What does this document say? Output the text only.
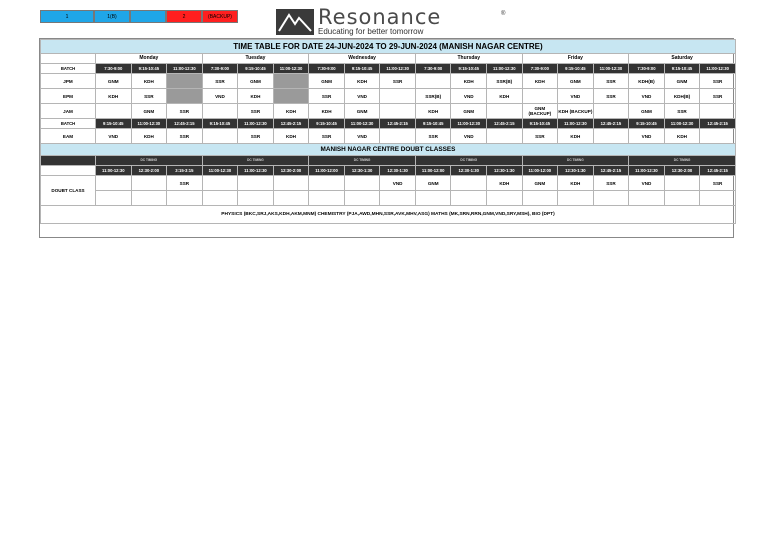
1	1(B)	2	(BACKUP)	Resonance
Educating for better tomorrow
®
TIME TABLE FOR DATE 24-JUN-2024 TO 29-JUN-2024 (MANISH NAGAR CENTRE)																		
	Monday			Tuesday			Wednesday			Thursday			Friday			Saturday		
BATCH	7:30-9:00	9:15-10:45	11:00-12:30	7:30-9:00	9:15-10:45	11:00-12:30	7:30-9:00	9:15-10:45	11:00-12:30	7:30-9:00	9:15-10:45	11:00-12:30	7:30-9:00	9:15-10:45	11:00-12:30	7:30-9:00	9:15-10:45	11:00-12:30
JPM	GNM	KDH		SSR	GNM		GNM	KDH	SSR		KDH	SSR(B)	KDH	GNM	SSR	KDH(B)	GNM	SSR
EPM	KDH	SSR		VND	KDH		SSR	VND		SSR(B)	VND	KDH		VND	SSR	VND	KDH(B)	SSR
JAM		GNM	SSR		SSR	KDH	KDH	GNM		KDH	GNM		GNM (BACKUP)	KDH (BACKUP)		GNM	SSR	
BATCH	9:15-10:45	11:00-12:30	12:45-2:15	9:15-10:45	11:00-12:30	12:45-2:15	9:15-10:45	11:00-12:30	12:45-2:15	9:15-10:45	11:00-12:30	12:45-2:15	9:15-10:45	11:00-12:30	12:45-2:15	9:15-10:45	11:00-12:30	12:45-2:15
EAM	VND	KDH	SSR		SSR	KDH	SSR	VND		SSR	VND		SSR	KDH		VND	KDH	
MANISH NAGAR CENTRE DOUBT CLASSES																		
	DC TIMING			DC TIMING			DC TIMING			DC TIMING			DC TIMING			DC TIMING		
	11:00-12:30	12:30-2:00	3:15-3:15	11:00-12:30	11:00-12:30	12:30-2:00	11:00-12:00	12:30-1:30	12:30-1:30	11:00-12:00	12:30-1:30	12:30-1:30	11:00-12:00	12:30-1:30	12:45-2:15	11:00-12:30	12:30-2:00	12:45-2:15
DOUBT CLASS			SSR						VND	GNM		KDH	GNM	KDH	SSR	VND		SSR

PHYSICS (BKC,SRJ,AKS,KDH,AKM,MNM) CHEMISTRY (PJA,AWD,MHN,SSR,AVK,MHV,ASG) MATHS (MK,SRN,RRN,GNM,VND,SRY,MSH), BIO (DPT)																		
